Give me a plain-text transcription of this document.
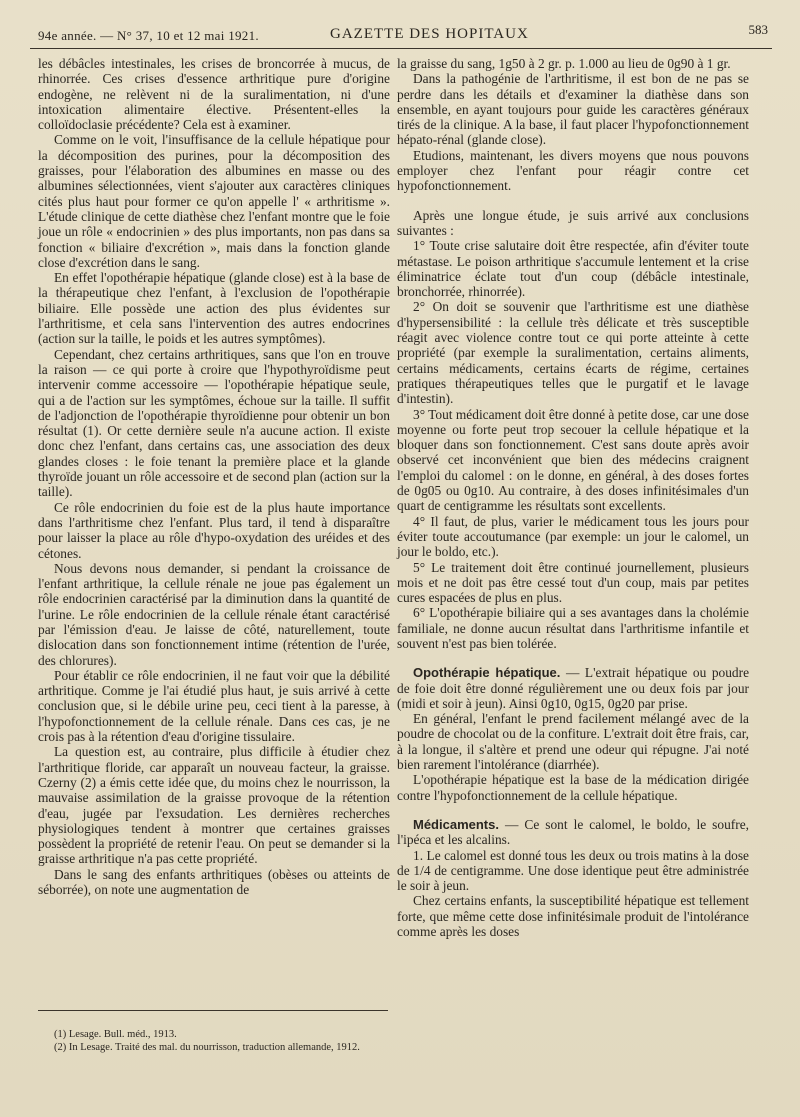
94e année. — N° 37, 10 et 12 mai 1921.	GAZETTE DES HOPITAUX	583

les débâcles intestinales, les crises de broncorrée à mucus, de rhinorrée. Ces crises d'essence arthritique pure d'origine endogène, ne relèvent ni de la suralimentation, ni d'une intoxication alimentaire élective. Présentent-elles la colloïdoclasie précédente? Cela est à examiner.

Comme on le voit, l'insuffisance de la cellule hépatique pour la décomposition des purines, pour la décomposition des graisses, pour l'élaboration des albumines en masse ou des albumines sélectionnées, vient s'ajouter aux caractères cliniques cités plus haut pour former ce qu'on appelle l' « arthritisme ». L'étude clinique de cette diathèse chez l'enfant montre que le foie joue un rôle « endocrinien » des plus importants, non pas dans sa fonction « biliaire d'excrétion », mais dans la fonction glande close d'excrétion dans le sang.

En effet l'opothérapie hépatique (glande close) est à la base de la thérapeutique chez l'enfant, à l'exclusion de l'opothérapie biliaire. Elle possède une action des plus évidentes sur l'arthritisme, et cela sans l'intervention des autres endocrines (action sur la taille, le poids et les autres symptômes).

Cependant, chez certains arthritiques, sans que l'on en trouve la raison — ce qui porte à croire que l'hypothyroïdisme peut intervenir comme accessoire — l'opothérapie hépatique seule, qui a de l'action sur les symptômes, échoue sur la taille. Il suffit de l'adjonction de l'opothérapie thyroïdienne pour obtenir un bon résultat (1). Or cette dernière seule n'a aucune action. Il existe donc chez l'enfant, dans certains cas, une association des deux glandes closes : le foie tenant la première place et la glande thyroïde jouant un rôle accessoire et de second plan (action sur la taille).

Ce rôle endocrinien du foie est de la plus haute importance dans l'arthritisme chez l'enfant. Plus tard, il tend à disparaître pour laisser la place au rôle d'hypo-oxydation des uréides et des cétones.

Nous devons nous demander, si pendant la croissance de l'enfant arthritique, la cellule rénale ne joue pas également un rôle endocrinien caractérisé par la diminution dans la quantité de l'urine. Le rôle endocrinien de la cellule rénale étant caractérisé par l'émission d'eau. Je laisse de côté, naturellement, toute dislocation dans son fonctionnement intime (rétention de l'urée, des chlorures).

Pour établir ce rôle endocrinien, il ne faut voir que la débilité arthritique. Comme je l'ai étudié plus haut, je suis arrivé à cette conclusion que, si le débile urine peu, ceci tient à la paresse, à l'hypofonctionnement de la cellule rénale. Dans ces cas, je ne crois pas à la rétention d'eau d'origine tissulaire.

La question est, au contraire, plus difficile à étudier chez l'arthritique floride, car apparaît un nouveau facteur, la graisse. Czerny (2) a émis cette idée que, du moins chez le nourrisson, la mauvaise assimilation de la graisse provoque de la rétention d'eau, jugée par l'exsudation. Les dernières recherches physiologiques tendent à montrer que certaines graisses possèdent la propriété de retenir l'eau. On peut se demander si la graisse arthritique n'a pas cette propriété.

Dans le sang des enfants arthritiques (obèses ou atteints de séborrée), on note une augmentation de

(1) Lesage. Bull. méd., 1913.
(2) In Lesage. Traité des mal. du nourrisson, traduction allemande, 1912.

la graisse du sang, 1g50 à 2 gr. p. 1.000 au lieu de 0g90 à 1 gr.

Dans la pathogénie de l'arthritisme, il est bon de ne pas se perdre dans les détails et d'examiner la diathèse dans son ensemble, en ayant toujours pour guide les caractères généraux tirés de la clinique. A la base, il faut placer l'hypofonctionnement hépato-rénal (glande close).

Etudions, maintenant, les divers moyens que nous pouvons employer chez l'enfant pour réagir contre cet hypofonctionnement.

Après une longue étude, je suis arrivé aux conclusions suivantes :

1° Toute crise salutaire doit être respectée, afin d'éviter toute métastase. Le poison arthritique s'accumule lentement et la crise éliminatrice éclate tout d'un coup (débâcle intestinale, bronchorrée, rhinorrée).

2° On doit se souvenir que l'arthritisme est une diathèse d'hypersensibilité : la cellule très délicate et très susceptible réagit avec violence contre tout ce qui porte atteinte à cette propriété (par exemple la suralimentation, certains aliments, certains médicaments, certains écarts de régime, certaines pratiques thérapeutiques telles que le purgatif et le lavage d'intestin).

3° Tout médicament doit être donné à petite dose, car une dose moyenne ou forte peut trop secouer la cellule hépatique et la bloquer dans son fonctionnement. C'est sans doute après avoir observé cet inconvénient que bien des médecins craignent l'emploi du calomel : on le donne, en général, à des doses fortes de 0g05 ou 0g10. Au contraire, à des doses infinitésimales d'un quart de centigramme les résultats sont excellents.

4° Il faut, de plus, varier le médicament tous les jours pour éviter toute accoutumance (par exemple: un jour le calomel, un jour le boldo, etc.).

5° Le traitement doit être continué journellement, plusieurs mois et ne doit pas être cessé tout d'un coup, mais par petites cures espacées de plus en plus.

6° L'opothérapie biliaire qui a ses avantages dans la cholémie familiale, ne donne aucun résultat dans l'arthritisme infantile et souvent n'est pas bien tolérée.

Opothérapie hépatique. — L'extrait hépatique ou poudre de foie doit être donné régulièrement une ou deux fois par jour (midi et soir à jeun). Ainsi 0g10, 0g15, 0g20 par prise.

En général, l'enfant le prend facilement mélangé avec de la poudre de chocolat ou de la confiture. L'extrait doit être frais, car, à la longue, il s'altère et prend une odeur qui répugne. J'ai noté bien rarement l'intolérance (diarrhée).

L'opothérapie hépatique est la base de la médication dirigée contre l'hypofonctionnement de la cellule hépatique.

Médicaments. — Ce sont le calomel, le boldo, le soufre, l'ipéca et les alcalins.

1. Le calomel est donné tous les deux ou trois matins à la dose de 1/4 de centigramme. Une dose identique peut être administrée le soir à jeun.

Chez certains enfants, la susceptibilité hépatique est tellement forte, que même cette dose infinitésimale produit de l'intolérance comme après les doses
